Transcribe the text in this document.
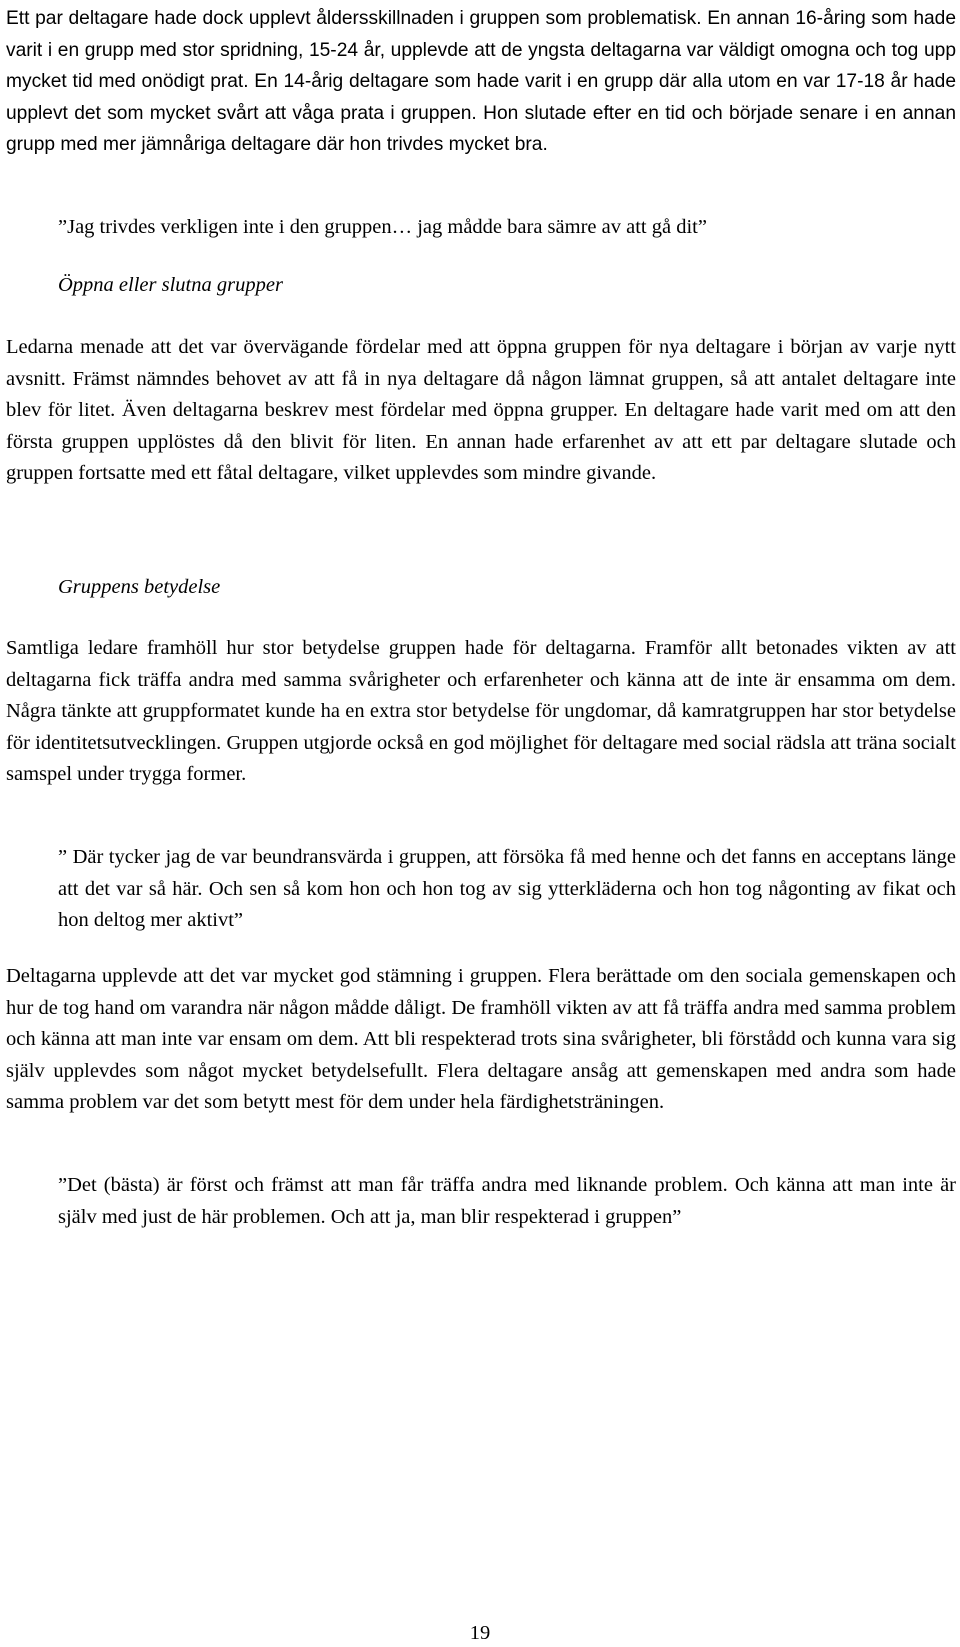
Ett par deltagare hade dock upplevt åldersskillnaden i gruppen som problematisk. En annan 16-åring som hade varit i en grupp med stor spridning, 15-24 år, upplevde att de yngsta deltagarna var väldigt omogna och tog upp mycket tid med onödigt prat. En 14-årig deltagare som hade varit i en grupp där alla utom en var 17-18 år hade upplevt det som mycket svårt att våga prata i gruppen. Hon slutade efter en tid och började senare i en annan grupp med mer jämnåriga deltagare där hon trivdes mycket bra.

”Jag trivdes verkligen inte i den gruppen… jag mådde bara sämre av att gå dit”

Öppna eller slutna grupper

Ledarna menade att det var övervägande fördelar med att öppna gruppen för nya deltagare i början av varje nytt avsnitt. Främst nämndes behovet av att få in nya deltagare då någon lämnat gruppen, så att antalet deltagare inte blev för litet. Även deltagarna beskrev mest fördelar med öppna grupper. En deltagare hade varit med om att den första gruppen upplöstes då den blivit för liten. En annan hade erfarenhet av att ett par deltagare slutade och gruppen fortsatte med ett fåtal deltagare, vilket upplevdes som mindre givande.

Gruppens betydelse

Samtliga ledare framhöll hur stor betydelse gruppen hade för deltagarna. Framför allt betonades vikten av att deltagarna fick träffa andra med samma svårigheter och erfarenheter och känna att de inte är ensamma om dem. Några tänkte att gruppformatet kunde ha en extra stor betydelse för ungdomar, då kamratgruppen har stor betydelse för identitetsutvecklingen. Gruppen utgjorde också en god möjlighet för deltagare med social rädsla att träna socialt samspel under trygga former.

” Där tycker jag de var beundransvärda i gruppen, att försöka få med henne och det fanns en acceptans länge att det var så här. Och sen så kom hon och hon tog av sig ytterkläderna och hon tog någonting av fikat och hon deltog mer aktivt”

Deltagarna upplevde att det var mycket god stämning i gruppen. Flera berättade om den sociala gemenskapen och hur de tog hand om varandra när någon mådde dåligt. De framhöll vikten av att få träffa andra med samma problem och känna att man inte var ensam om dem. Att bli respekterad trots sina svårigheter, bli förstådd och kunna vara sig själv upplevdes som något mycket betydelsefullt. Flera deltagare ansåg att gemenskapen med andra som hade samma problem var det som betytt mest för dem under hela färdighetsträningen.

”Det (bästa) är först och främst att man får träffa andra med liknande problem. Och känna att man inte är själv med just de här problemen. Och att ja, man blir respekterad i gruppen”

19
